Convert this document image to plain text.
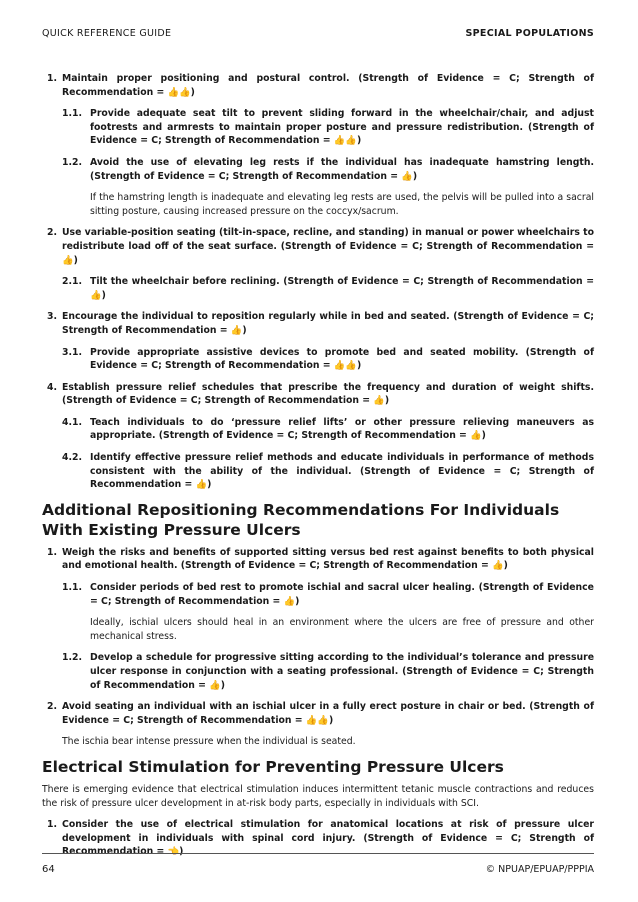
QUICK REFERENCE GUIDE	SPECIAL POPULATIONS
1. Maintain proper positioning and postural control. (Strength of Evidence = C; Strength of Recommendation = 👍👍)
1.1. Provide adequate seat tilt to prevent sliding forward in the wheelchair/chair, and adjust footrests and armrests to maintain proper posture and pressure redistribution. (Strength of Evidence = C; Strength of Recommendation = 👍👍)
1.2. Avoid the use of elevating leg rests if the individual has inadequate hamstring length. (Strength of Evidence = C; Strength of Recommendation = 👍)
If the hamstring length is inadequate and elevating leg rests are used, the pelvis will be pulled into a sacral sitting posture, causing increased pressure on the coccyx/sacrum.
2. Use variable-position seating (tilt-in-space, recline, and standing) in manual or power wheelchairs to redistribute load off of the seat surface. (Strength of Evidence = C; Strength of Recommendation = 👍)
2.1. Tilt the wheelchair before reclining. (Strength of Evidence = C; Strength of Recommendation = 👍)
3. Encourage the individual to reposition regularly while in bed and seated. (Strength of Evidence = C; Strength of Recommendation = 👍)
3.1. Provide appropriate assistive devices to promote bed and seated mobility. (Strength of Evidence = C; Strength of Recommendation = 👍👍)
4. Establish pressure relief schedules that prescribe the frequency and duration of weight shifts. (Strength of Evidence = C; Strength of Recommendation = 👍)
4.1. Teach individuals to do ‘pressure relief lifts’ or other pressure relieving maneuvers as appropriate. (Strength of Evidence = C; Strength of Recommendation = 👍)
4.2. Identify effective pressure relief methods and educate individuals in performance of methods consistent with the ability of the individual. (Strength of Evidence = C; Strength of Recommendation = 👍)
Additional Repositioning Recommendations For Individuals With Existing Pressure Ulcers
1. Weigh the risks and benefits of supported sitting versus bed rest against benefits to both physical and emotional health. (Strength of Evidence = C; Strength of Recommendation = 👍)
1.1. Consider periods of bed rest to promote ischial and sacral ulcer healing. (Strength of Evidence = C; Strength of Recommendation = 👍)
Ideally, ischial ulcers should heal in an environment where the ulcers are free of pressure and other mechanical stress.
1.2. Develop a schedule for progressive sitting according to the individual’s tolerance and pressure ulcer response in conjunction with a seating professional. (Strength of Evidence = C; Strength of Recommendation = 👍)
2. Avoid seating an individual with an ischial ulcer in a fully erect posture in chair or bed. (Strength of Evidence = C; Strength of Recommendation = 👍👍)
The ischia bear intense pressure when the individual is seated.
Electrical Stimulation for Preventing Pressure Ulcers
There is emerging evidence that electrical stimulation induces intermittent tetanic muscle contractions and reduces the risk of pressure ulcer development in at-risk body parts, especially in individuals with SCI.
1. Consider the use of electrical stimulation for anatomical locations at risk of pressure ulcer development in individuals with spinal cord injury. (Strength of Evidence = C; Strength of Recommendation = 👈)
64	© NPUAP/EPUAP/PPPIA
